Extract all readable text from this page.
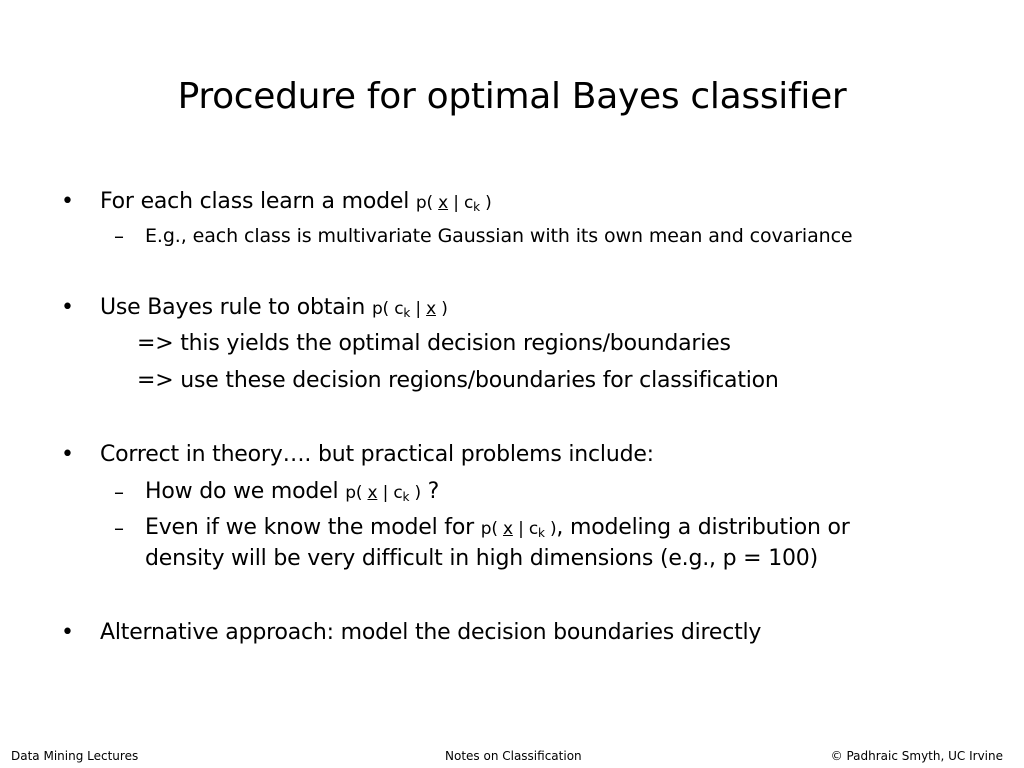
Procedure for optimal Bayes classifier
• For each class learn a model p( x | $c_k$ )
– E.g., each class is multivariate Gaussian with its own mean and covariance
• Use Bayes rule to obtain p( $c_k$ | x )
=> this yields the optimal decision regions/boundaries
=> use these decision regions/boundaries for classification
• Correct in theory…. but practical problems include:
– How do we model p( x | $c_k$ ) ?
– Even if we know the model for p( x | $c_k$ ), modeling a distribution or
density will be very difficult in high dimensions (e.g., p = 100)
• Alternative approach: model the decision boundaries directly
Data Mining Lectures	Notes on Classification	© Padhraic Smyth, UC Irvine
